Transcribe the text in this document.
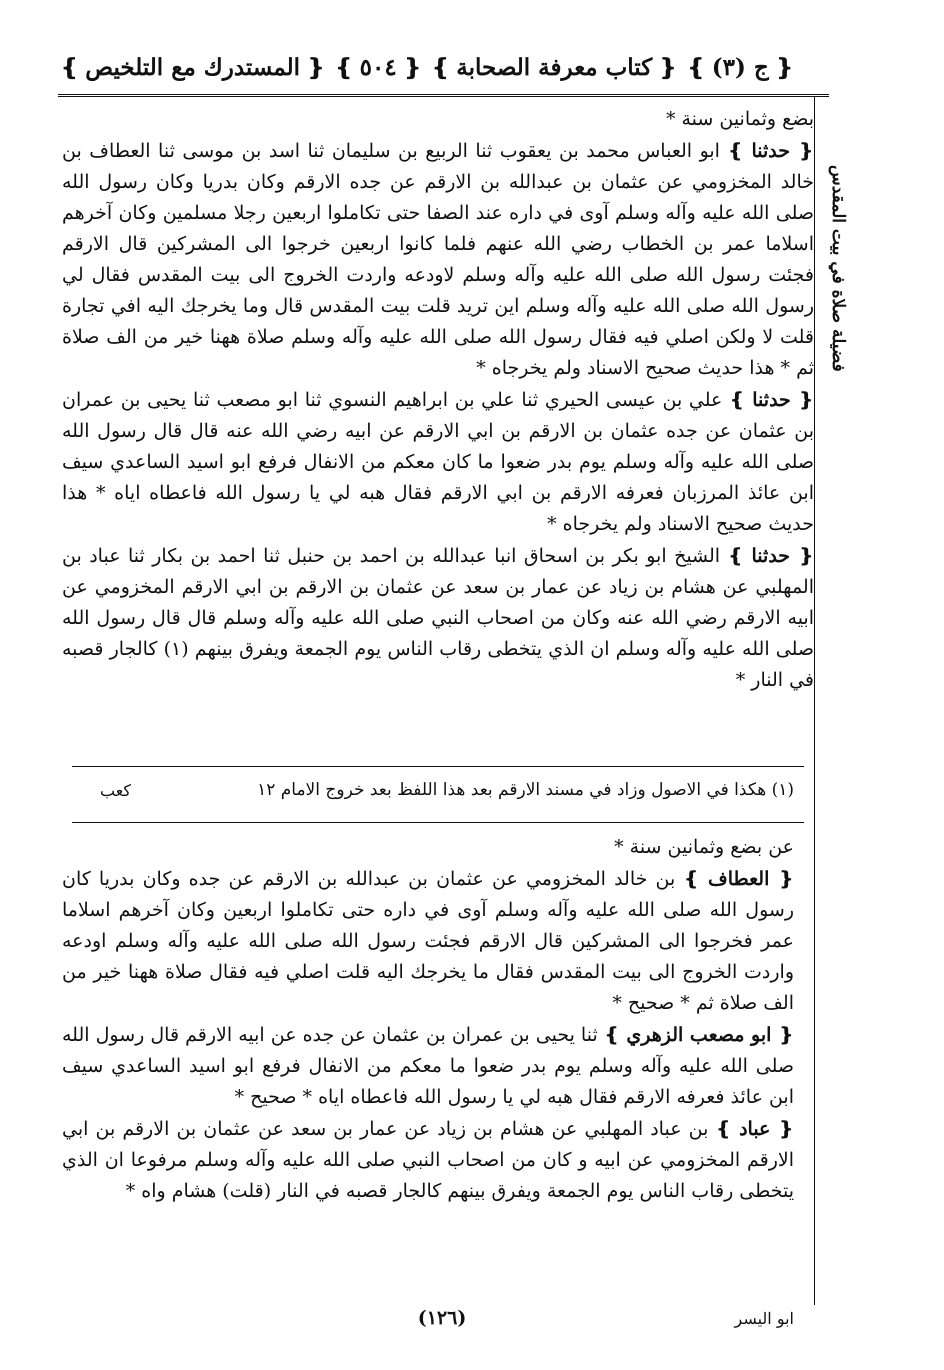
❴ المستدرك مع التلخيص ❵	❴ ٥٠٤ ❵	❴ كتاب معرفة الصحابة ❵	❴ ج (٣) ❵
فضيلة صلاة في بيت المقدس

بضع وثمانين سنة *

❴ حدثنا ❵ ابو العباس محمد بن يعقوب ثنا الربيع بن سليمان ثنا اسد بن موسى ثنا العطاف بن خالد المخزومي عن عثمان بن عبدالله بن الارقم عن جده الارقم وكان بدريا وكان رسول الله صلى الله عليه وآله وسلم آوى في داره عند الصفا حتى تكاملوا اربعين رجلا مسلمين وكان آخرهم اسلاما عمر بن الخطاب رضي الله عنهم فلما كانوا اربعين خرجوا الى المشركين قال الارقم فجئت رسول الله صلى الله عليه وآله وسلم لاودعه واردت الخروج الى بيت المقدس فقال لي رسول الله صلى الله عليه وآله وسلم اين تريد قلت بيت المقدس قال وما يخرجك اليه افي تجارة قلت لا ولكن اصلي فيه فقال رسول الله صلى الله عليه وآله وسلم صلاة ههنا خير من الف صلاة ثم * هذا حديث صحيح الاسناد ولم يخرجاه *

❴ حدثنا ❵ علي بن عيسى الحيري ثنا علي بن ابراهيم النسوي ثنا ابو مصعب ثنا يحيى بن عمران بن عثمان عن جده عثمان بن الارقم بن ابي الارقم عن ابيه رضي الله عنه قال قال رسول الله صلى الله عليه وآله وسلم يوم بدر ضعوا ما كان معكم من الانفال فرفع ابو اسيد الساعدي سيف ابن عائذ المرزبان فعرفه الارقم بن ابي الارقم فقال هبه لي يا رسول الله فاعطاه اياه * هذا حديث صحيح الاسناد ولم يخرجاه *

❴ حدثنا ❵ الشيخ ابو بكر بن اسحاق انبا عبدالله بن احمد بن حنبل ثنا احمد بن بكار ثنا عباد بن المهلبي عن هشام بن زياد عن عمار بن سعد عن عثمان بن الارقم بن ابي الارقم المخزومي عن ابيه الارقم رضي الله عنه وكان من اصحاب النبي صلى الله عليه وآله وسلم قال قال رسول الله صلى الله عليه وآله وسلم ان الذي يتخطى رقاب الناس يوم الجمعة ويفرق بينهم (١) كالجار قصبه في النار *

(١) هكذا في الاصول وزاد في مسند الارقم بعد هذا اللفظ بعد خروج الامام ١٢
كعب

عن بضع وثمانين سنة *

❴ العطاف ❵ بن خالد المخزومي عن عثمان بن عبدالله بن الارقم عن جده وكان بدريا كان رسول الله صلى الله عليه وآله وسلم آوى في داره حتى تكاملوا اربعين وكان آخرهم اسلاما عمر فخرجوا الى المشركين قال الارقم فجئت رسول الله صلى الله عليه وآله وسلم اودعه واردت الخروج الى بيت المقدس فقال ما يخرجك اليه قلت اصلي فيه فقال صلاة ههنا خير من الف صلاة ثم * صحيح *

❴ ابو مصعب الزهري ❵ ثنا يحيى بن عمران بن عثمان عن جده عن ابيه الارقم قال رسول الله صلى الله عليه وآله وسلم يوم بدر ضعوا ما معكم من الانفال فرفع ابو اسيد الساعدي سيف ابن عائذ فعرفه الارقم فقال هبه لي يا رسول الله فاعطاه اياه * صحيح *

❴ عباد ❵ بن عباد المهلبي عن هشام بن زياد عن عمار بن سعد عن عثمان بن الارقم بن ابي الارقم المخزومي عن ابيه و كان من اصحاب النبي صلى الله عليه وآله وسلم مرفوعا ان الذي يتخطى رقاب الناس يوم الجمعة ويفرق بينهم كالجار قصبه في النار (قلت) هشام واه *

(١٢٦)	ابو اليسر
